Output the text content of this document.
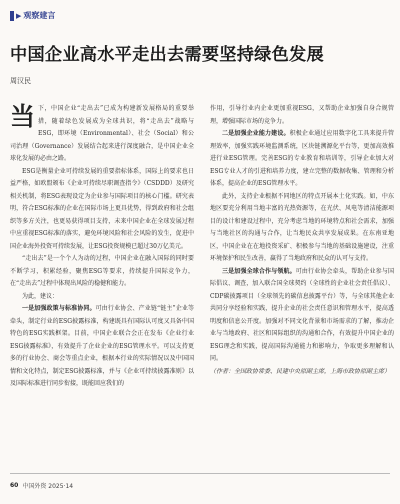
▶ 观察建言
中国企业高水平走出去需要坚持绿色发展
周汉民

当下，中国企业“走出去”已成为构建新发展格局的重要举措，随着绿色发展成为全球共识，将“走出去”战略与ESG，即环境（Environmental）、社会（Social）和公司治理（Governance）发展结合起来进行深度融合，是中国企业全球化发展的必由之路。

ESG是衡量企业可持续发展的重要指标体系，国际上的要求也日益严格，如欧盟颁布《企业可持续尽职调查指令》（CSDDD）及研究相关机制，将ESG表现设定为企业参与国际项目的核心门槛。研究表明，符合ESG标准的企业在国际市场上更具优势，得到政府和社会组织等多方关注，也更易获得项目支持，未来中国企业在全球发展过程中应重视ESG标准的落实，避免环境风险和社会风险的发生，促进中国企业海外投资可持续发展，让ESG投资规模已超过30万亿美元。

“走出去”是一个个人为动的过程，中国企业在融入国际的同时要不断学习，积累经验，聚焦ESG等要求，持续提升国际竞争力，在“走出去”过程中体现出风险的稳健和能力。

为此，建议：

一是加强政策与标准协同。可由行业协会、产业链“链主”企业等牵头，制定行业的ESG披露标准，构建既具有国际认可度又具备中国特色的ESG实践框架。目前，中国企业联合会正在发布《企业行业ESG披露标准》，有效提升了企业企业的ESG管理水平。可以支持更多的行业协会、商会等重点企业，根据本行业的实际情况以及中国国情和文化特点，制定ESG披露标准，并与《企业可持续披露准则》以及国际标准进行同步衔接，既能回应我们的

作用，引导行业内企业更加重视ESG，又帮助企业加强自身合规管理，增强国际市场的竞争力。

二是加强企业能力建设。积极企业通过应用数字化工具来提升管理效率，加强实践环境监测系统，区块链溯源化平台等，更加高效推进行业ESG管理。完善ESG的专业教育和培训等，引导企业加大对ESG专业人才的引进和培养力度，建立完整的数据收集、管理和分析体系，提高企业的ESG管理水平。

此外，支持企业根据不同地区的特点开展本土化实践。如，中东地区要充分利用当地丰富的光热资源等，在光伏、风电等清洁能源项目的设计和建设过程中，充分考虑当地的环境特点和社会需求，加强与当地社区的沟通与合作，让当地民众共享发展成果。在东南亚地区，中国企业在在地投资采矿、积极参与当地的基础设施建设，注重环境保护和民生改善，赢得了当地政府和民众的认可与支持。

三是加强全球合作与领航。可由行业协会牵头，帮助企业参与国际倡议、调查，加入联合国全球契约（全球性的企业社会责任倡议）、CDP碳披露项目（全球领先的碳信息披露平台）等，与全球其他企业共同分享经验和实践，提升企业的社会责任意识和管理水平，提高透明度和信息公开度。加强对不同文化背景和市场需求的了解，推动企业与当地政府、社区和国际组织的沟通和合作，有效提升中国企业的ESG理念和实践，提高国际沟通能力和影响力，争取更多理解和认同。

（作者：全国政协常委、民建中央原副主席，上海市政协原副主席）

60 中国外资 2025·14
